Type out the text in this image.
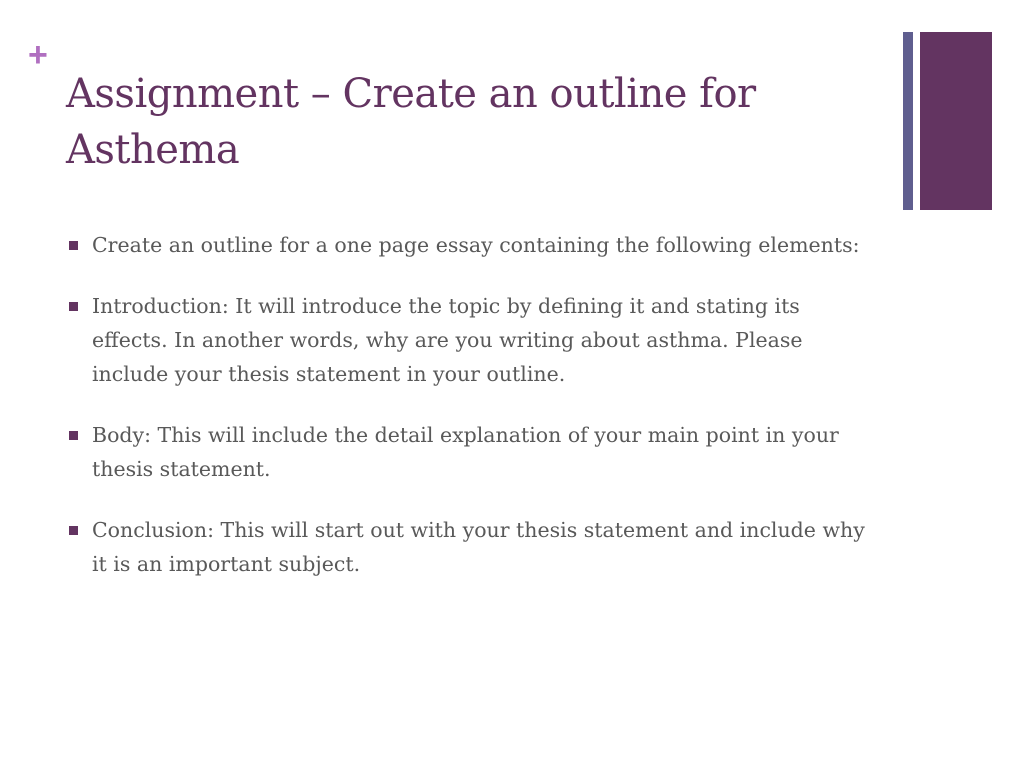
+
Assignment – Create an outline for Asthema
Create an outline for a one page essay containing the following elements:
Introduction: It will introduce the topic by defining it and stating its effects. In another words, why are you writing about asthma. Please include your thesis statement in your outline.
Body: This will include the detail explanation of your main point in your thesis statement.
Conclusion: This will start out with your thesis statement and include why it is an important subject.
